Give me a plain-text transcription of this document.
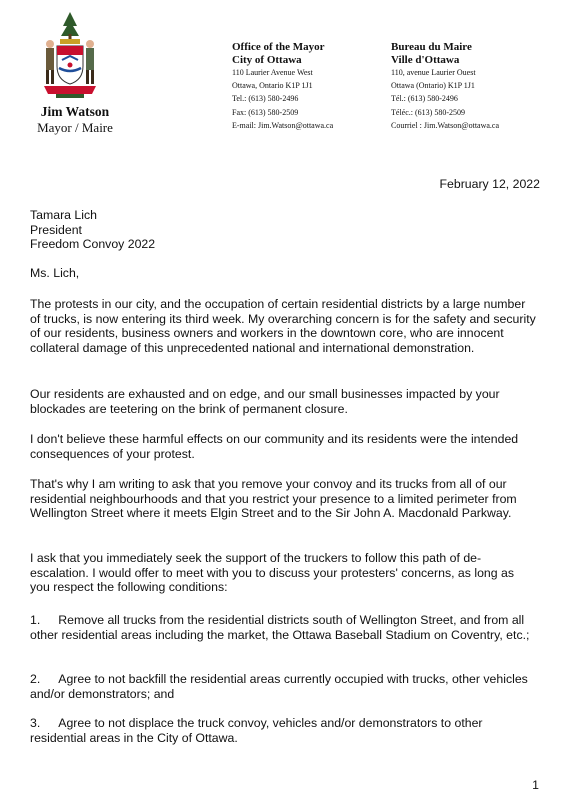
Jim Watson
Mayor / Maire
Office of the Mayor
City of Ottawa
110 Laurier Avenue West
Ottawa, Ontario K1P 1J1
Tel.: (613) 580-2496
Fax: (613) 580-2509
E-mail: Jim.Watson@ottawa.ca
Bureau du Maire
Ville d'Ottawa
110, avenue Laurier Ouest
Ottawa (Ontario) K1P 1J1
Tél.: (613) 580-2496
Téléc.: (613) 580-2509
Courriel : Jim.Watson@ottawa.ca
February 12, 2022
Tamara Lich
President
Freedom Convoy 2022
Ms. Lich,
The protests in our city, and the occupation of certain residential districts by a large number of trucks, is now entering its third week. My overarching concern is for the safety and security of our residents, business owners and workers in the downtown core, who are innocent collateral damage of this unprecedented national and international demonstration.
Our residents are exhausted and on edge, and our small businesses impacted by your blockades are teetering on the brink of permanent closure.
I don't believe these harmful effects on our community and its residents were the intended consequences of your protest.
That's why I am writing to ask that you remove your convoy and its trucks from all of our residential neighbourhoods and that you restrict your presence to a limited perimeter from Wellington Street where it meets Elgin Street and to the Sir John A. Macdonald Parkway.
I ask that you immediately seek the support of the truckers to follow this path of de-escalation. I would offer to meet with you to discuss your protesters' concerns, as long as you respect the following conditions:
1. Remove all trucks from the residential districts south of Wellington Street, and from all other residential areas including the market, the Ottawa Baseball Stadium on Coventry, etc.;
2. Agree to not backfill the residential areas currently occupied with trucks, other vehicles and/or demonstrators; and
3. Agree to not displace the truck convoy, vehicles and/or demonstrators to other residential areas in the City of Ottawa.
1
